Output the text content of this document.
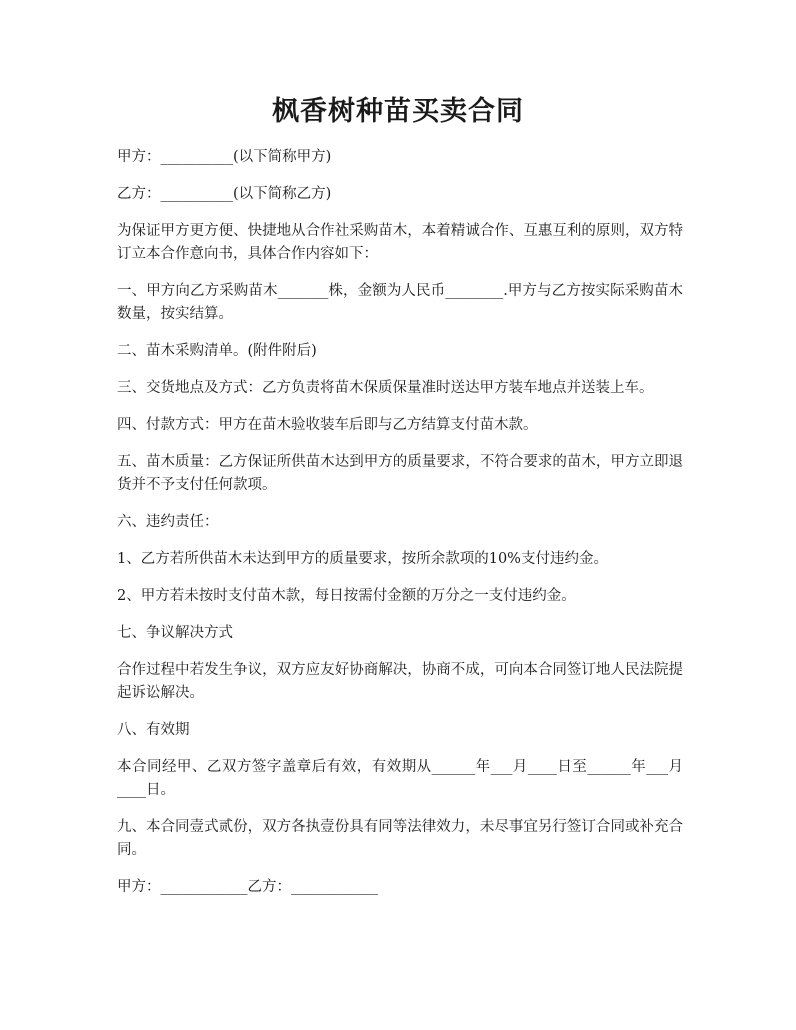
枫香树种苗买卖合同

甲方：__________(以下简称甲方)

乙方：__________(以下简称乙方)

为保证甲方更方便、快捷地从合作社采购苗木，本着精诚合作、互惠互利的原则，双方特订立本合作意向书，具体合作内容如下：

一、甲方向乙方采购苗木_______株，金额为人民币________.甲方与乙方按实际采购苗木数量，按实结算。

二、苗木采购清单。(附件附后)

三、交货地点及方式：乙方负责将苗木保质保量准时送达甲方装车地点并送装上车。

四、付款方式：甲方在苗木验收装车后即与乙方结算支付苗木款。

五、苗木质量：乙方保证所供苗木达到甲方的质量要求，不符合要求的苗木，甲方立即退货并不予支付任何款项。

六、违约责任：

1、乙方若所供苗木未达到甲方的质量要求，按所余款项的10%支付违约金。

2、甲方若未按时支付苗木款，每日按需付金额的万分之一支付违约金。

七、争议解决方式

合作过程中若发生争议，双方应友好协商解决，协商不成，可向本合同签订地人民法院提起诉讼解决。

八、有效期

本合同经甲、乙双方签字盖章后有效，有效期从______年___月____日至______年___月____日。

九、本合同壹式贰份，双方各执壹份具有同等法律效力，未尽事宜另行签订合同或补充合同。

甲方：____________乙方：____________
